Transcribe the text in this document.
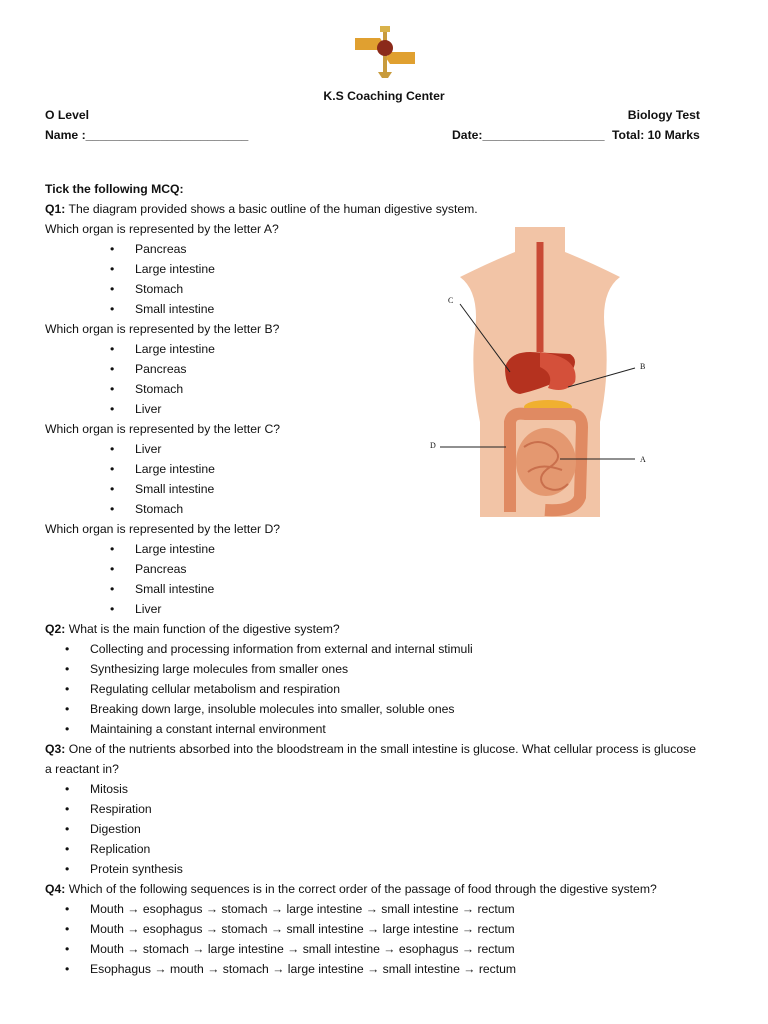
K.S Coaching Center
O Level	Biology Test
Name :________________________	Date:__________________ Total: 10 Marks
Tick the following MCQ:
Q1: The diagram provided shows a basic outline of the human digestive system.
Which organ is represented by the letter A?
• Pancreas
• Large intestine
• Stomach
• Small intestine
Which organ is represented by the letter B?
• Large intestine
• Pancreas
• Stomach
• Liver
Which organ is represented by the letter C?
• Liver
• Large intestine
• Small intestine
• Stomach
Which organ is represented by the letter D?
• Large intestine
• Pancreas
• Small intestine
• Liver
Q2: What is the main function of the digestive system?
• Collecting and processing information from external and internal stimuli
• Synthesizing large molecules from smaller ones
• Regulating cellular metabolism and respiration
• Breaking down large, insoluble molecules into smaller, soluble ones
• Maintaining a constant internal environment
Q3: One of the nutrients absorbed into the bloodstream in the small intestine is glucose. What cellular process is glucose
a reactant in?
• Mitosis
• Respiration
• Digestion
• Replication
• Protein synthesis
Q4: Which of the following sequences is in the correct order of the passage of food through the digestive system?
• Mouth → esophagus → stomach → large intestine → small intestine → rectum
• Mouth → esophagus → stomach → small intestine → large intestine → rectum
• Mouth → stomach → large intestine → small intestine → esophagus → rectum
• Esophagus → mouth → stomach → large intestine → small intestine → rectum
C
B
D
A
